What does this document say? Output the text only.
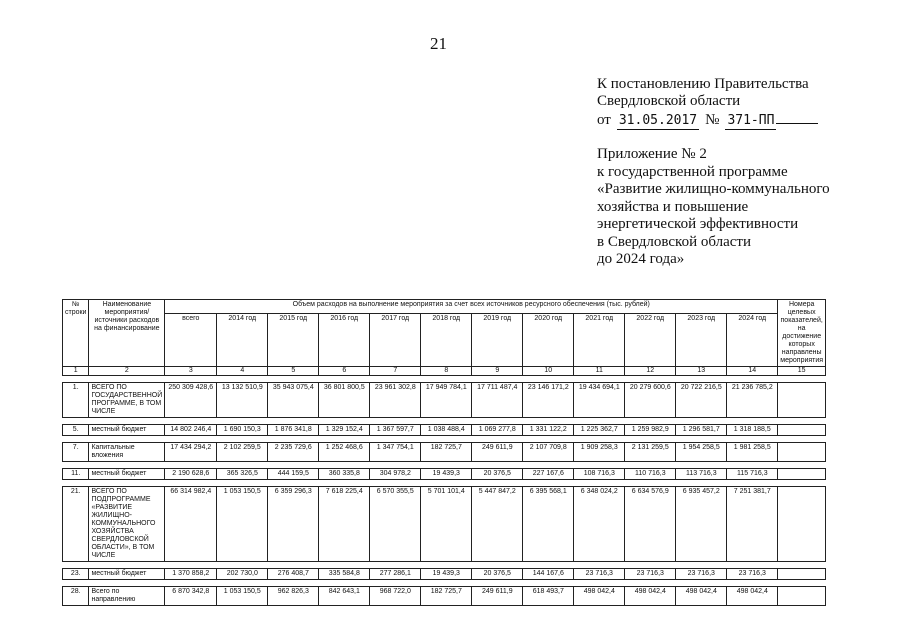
21
К постановлению Правительства
Свердловской области
от 31.05.2017 № 371-ПП
Приложение № 2
к государственной программе
«Развитие жилищно-коммунального
хозяйства и повышение
энергетической эффективности
в Свердловской области
до 2024 года»
№ строки	Наименование мероприятия/источники расходов на финансирование	Объем расходов на выполнение мероприятия за счет всех источников ресурсного обеспечения (тыс. рублей)												Номера целевых показателей, на достижение которых направлены мероприятия
		всего	2014 год	2015 год	2016 год	2017 год	2018 год	2019 год	2020 год	2021 год	2022 год	2023 год	2024 год	
1	2	3	4	5	6	7	8	9	10	11	12	13	14	15

1.	ВСЕГО ПО ГОСУДАРСТВЕННОЙ ПРОГРАММЕ, В ТОМ ЧИСЛЕ	250 309 428,6	13 132 510,9	35 943 075,4	36 801 800,5	23 961 302,8	17 949 784,1	17 711 487,4	23 146 171,2	19 434 694,1	20 279 600,6	20 722 216,5	21 236 785,2	

5.	местный бюджет	14 802 246,4	1 690 150,3	1 876 341,8	1 329 152,4	1 367 597,7	1 038 488,4	1 069 277,8	1 331 122,2	1 225 362,7	1 259 982,9	1 296 581,7	1 318 188,5	

7.	Капитальные вложения	17 434 294,2	2 102 259,5	2 235 729,6	1 252 468,6	1 347 754,1	182 725,7	249 611,9	2 107 709,8	1 909 258,3	2 131 259,5	1 954 258,5	1 981 258,5	

11.	местный бюджет	2 190 628,6	365 326,5	444 159,5	360 335,8	304 978,2	19 439,3	20 376,5	227 167,6	108 716,3	110 716,3	113 716,3	115 716,3	

21.	ВСЕГО ПО ПОДПРОГРАММЕ «РАЗВИТИЕ ЖИЛИЩНО-КОММУНАЛЬНОГО ХОЗЯЙСТВА СВЕРДЛОВСКОЙ ОБЛАСТИ», В ТОМ ЧИСЛЕ	66 314 982,4	1 053 150,5	6 359 296,3	7 618 225,4	6 570 355,5	5 701 101,4	5 447 847,2	6 395 568,1	6 348 024,2	6 634 576,9	6 935 457,2	7 251 381,7	

23.	местный бюджет	1 370 858,2	202 730,0	276 408,7	335 584,8	277 286,1	19 439,3	20 376,5	144 167,6	23 716,3	23 716,3	23 716,3	23 716,3	

28.	Всего по направлению	6 870 342,8	1 053 150,5	962 826,3	842 643,1	968 722,0	182 725,7	249 611,9	618 493,7	498 042,4	498 042,4	498 042,4	498 042,4	
